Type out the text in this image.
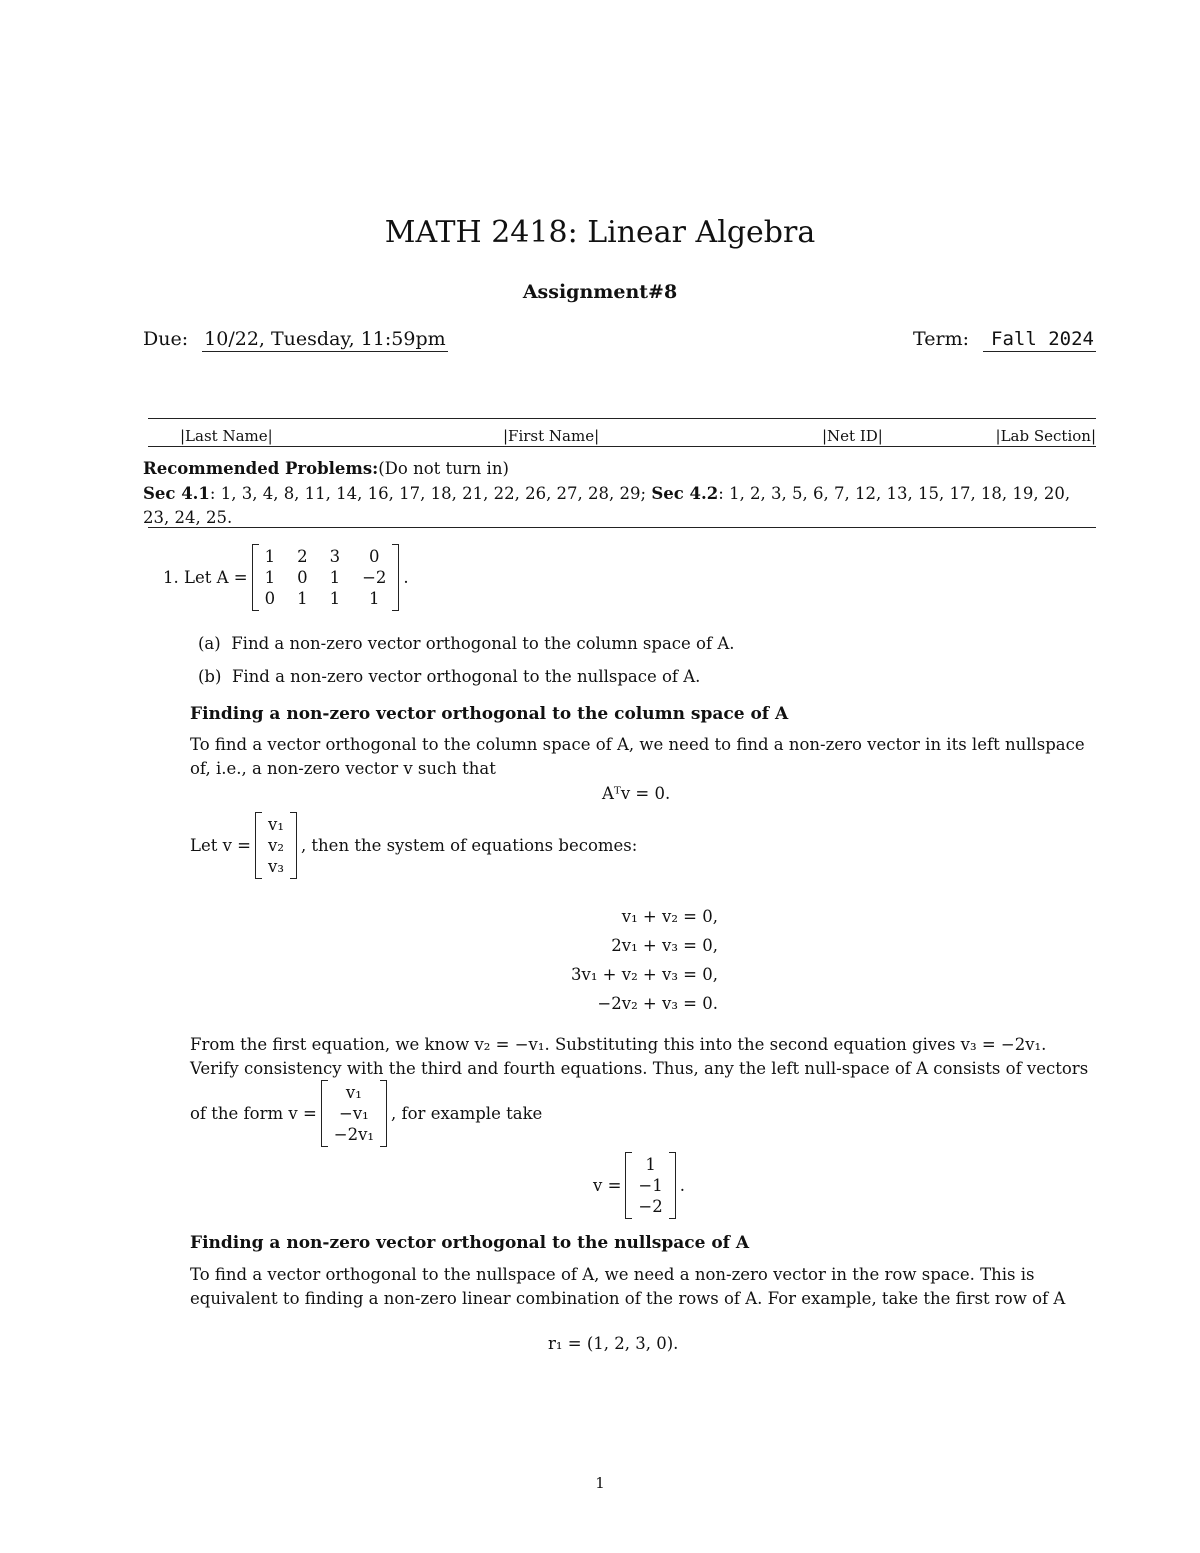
MATH 2418: Linear Algebra
Assignment#8
Due: 10/22, Tuesday, 11:59pm	Term: Fall 2024
|Last Name|	|First Name|	|Net ID|	|Lab Section|
Recommended Problems:(Do not turn in)
Sec 4.1: 1, 3, 4, 8, 11, 14, 16, 17, 18, 21, 22, 26, 27, 28, 29; Sec 4.2: 1, 2, 3, 5, 6, 7, 12, 13, 15, 17, 18, 19, 20,
23, 24, 25.
1.
Let A =
1 2 3	0
1 0 1 −2
0 1 1	1
.
(a) Find a non-zero vector orthogonal to the column space of A.
(b) Find a non-zero vector orthogonal to the nullspace of A.
Finding a non-zero vector orthogonal to the column space of A
To find a vector orthogonal to the column space of A, we need to find a non-zero vector in its left nullspace
of, i.e., a non-zero vector v such that
Aᵀv = 0.
Let v =
v₁
v₂
v₃
, then the system of equations becomes:
v₁ + v₂ = 0,
2v₁ + v₃ = 0,
3v₁ + v₂ + v₃ = 0,
−2v₂ + v₃ = 0.
From the first equation, we know v₂ = −v₁. Substituting this into the second equation gives v₃ = −2v₁.
Verify consistency with the third and fourth equations. Thus, any the left null-space of A consists of vectors
of the form v =
v₁
−v₁
−2v₁
, for example take
v =
1
−1
−2
.
Finding a non-zero vector orthogonal to the nullspace of A
To find a vector orthogonal to the nullspace of A, we need a non-zero vector in the row space. This is
equivalent to finding a non-zero linear combination of the rows of A. For example, take the first row of A
r₁ = (1, 2, 3, 0).
1
